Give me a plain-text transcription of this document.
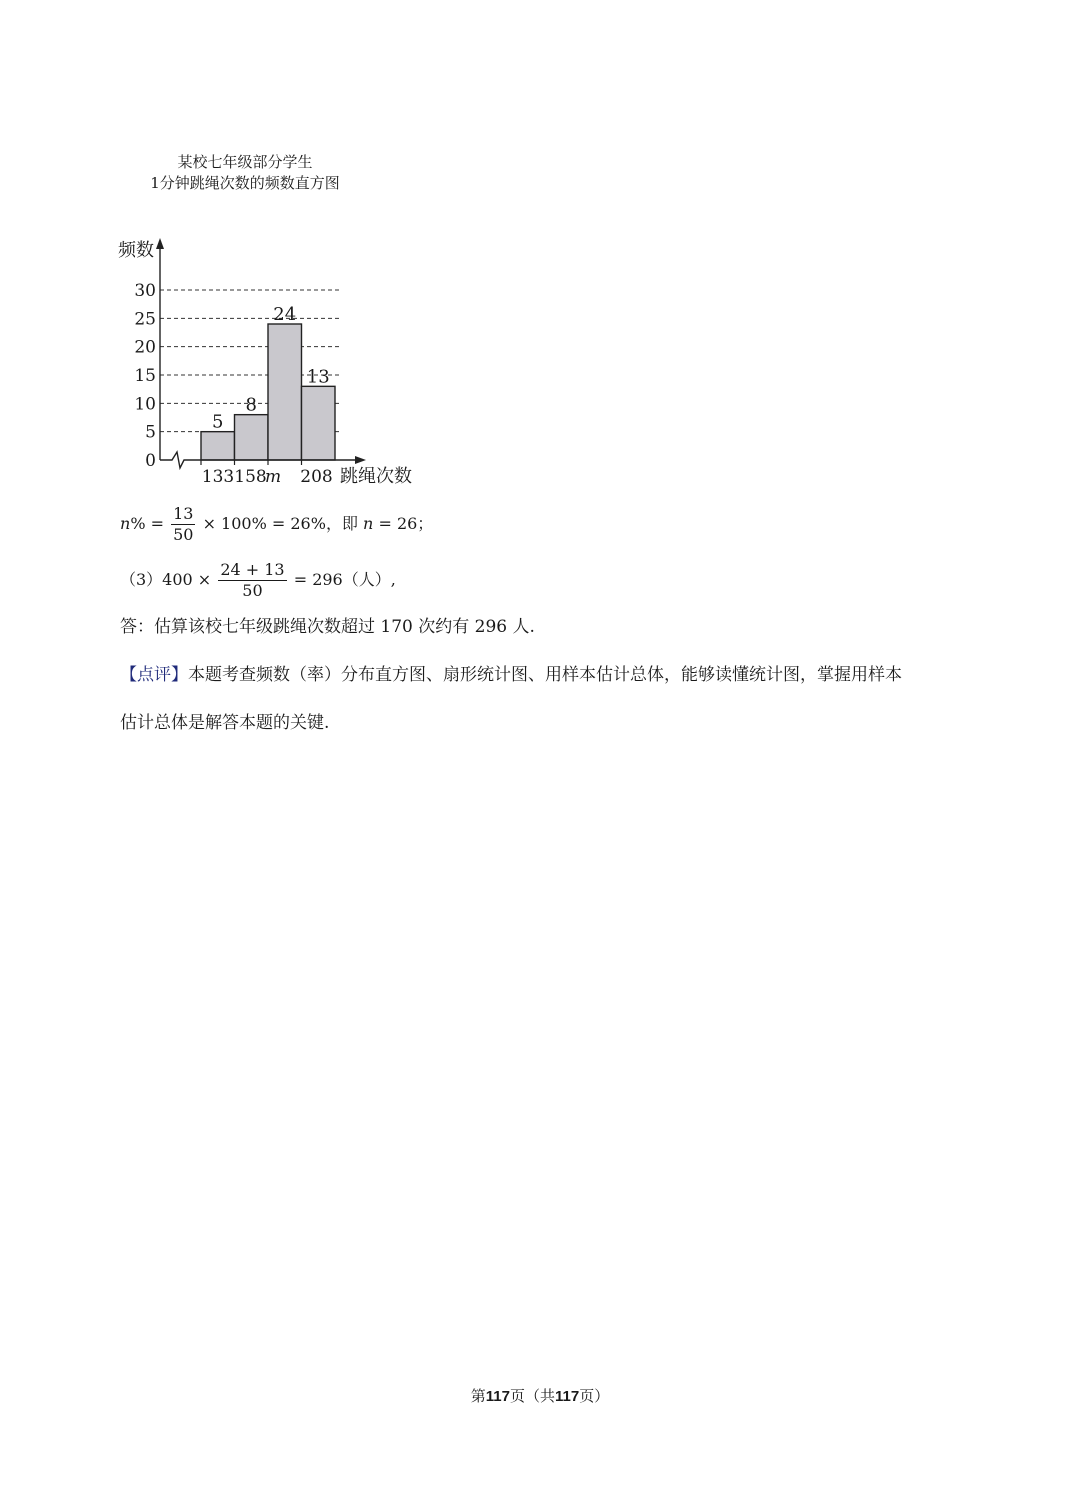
某校七年级部分学生
1分钟跳绳次数的频数直方图
0
5
10
15
20
25
30
133 158
m 208
5
8
24
13
频数
跳绳次数
$n\% = \frac{13}{50} \times 100\% = 26\%$，即 n = 26；
$(3)400 \times \frac{24 + 13}{50} = 296$（人）,
答：估算该校七年级跳绳次数超过 170 次约有 296 人.
【点评】本题考查频数（率）分布直方图、扇形统计图、用样本估计总体，能够读懂统计图，掌握用样本
估计总体是解答本题的关键.
第117页（共117页）
